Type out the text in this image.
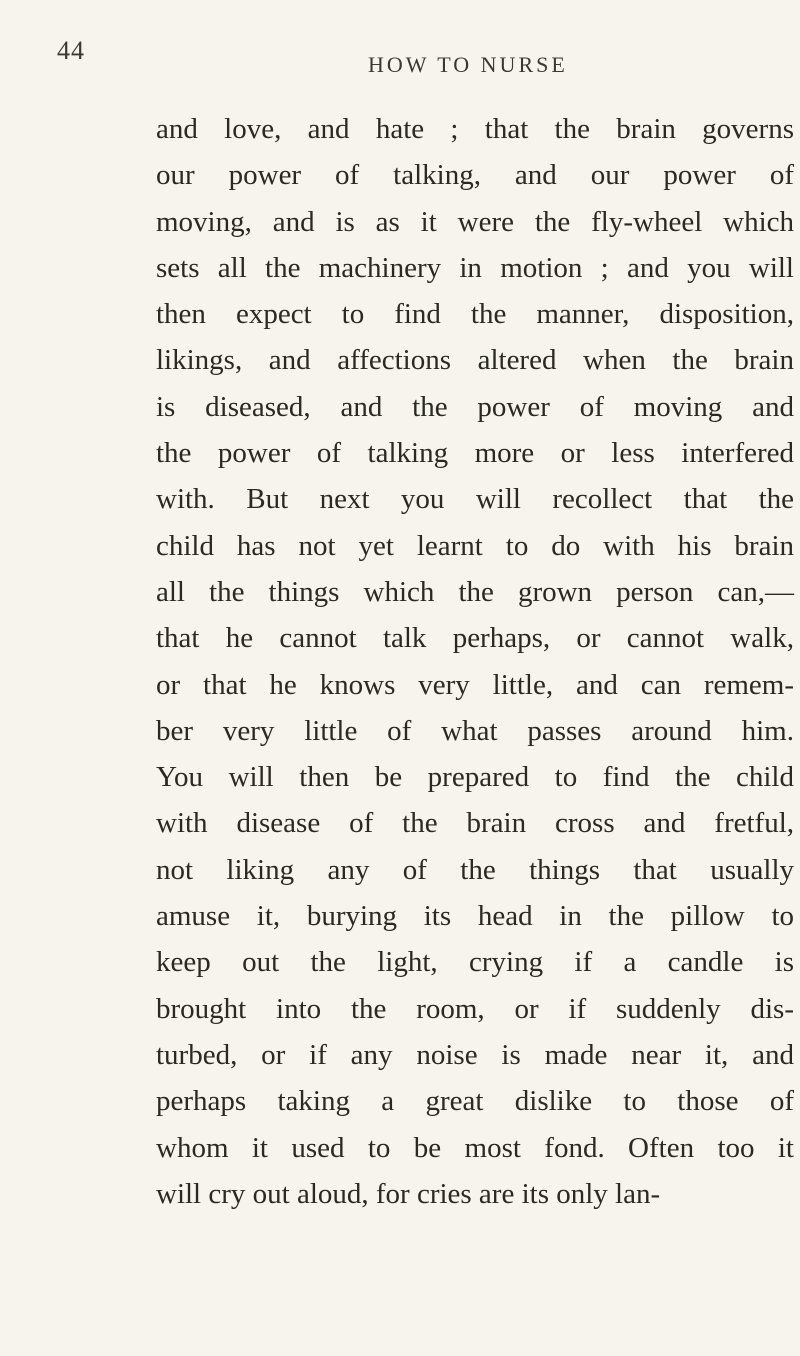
44	HOW TO NURSE
and love, and hate ; that the brain governs
our power of talking, and our power of
moving, and is as it were the fly-wheel which
sets all the machinery in motion ; and you will
then expect to find the manner, disposition,
likings, and affections altered when the brain
is diseased, and the power of moving and
the power of talking more or less interfered
with. But next you will recollect that the
child has not yet learnt to do with his brain
all the things which the grown person can,—
that he cannot talk perhaps, or cannot walk,
or that he knows very little, and can remem-
ber very little of what passes around him.
You will then be prepared to find the child
with disease of the brain cross and fretful,
not liking any of the things that usually
amuse it, burying its head in the pillow to
keep out the light, crying if a candle is
brought into the room, or if suddenly dis-
turbed, or if any noise is made near it, and
perhaps taking a great dislike to those of
whom it used to be most fond. Often too it
will cry out aloud, for cries are its only lan-
